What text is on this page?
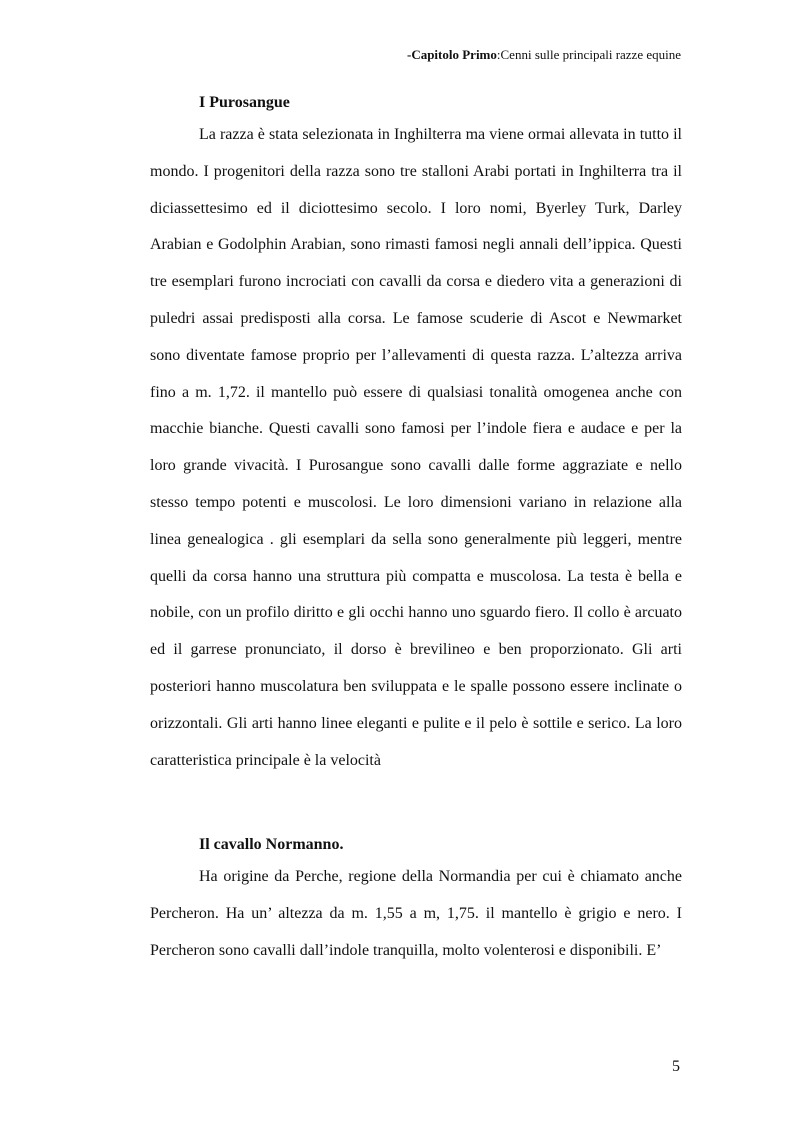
-Capitolo Primo:Cenni sulle principali razze equine
I Purosangue

La razza è stata selezionata in Inghilterra ma viene ormai allevata in tutto il mondo. I progenitori della razza sono tre stalloni Arabi portati in Inghilterra tra il diciassettesimo ed il diciottesimo secolo. I loro nomi, Byerley Turk, Darley Arabian e Godolphin Arabian, sono rimasti famosi negli annali dell’ippica. Questi tre esemplari furono incrociati con cavalli da corsa e diedero vita a generazioni di puledri assai predisposti alla corsa. Le famose scuderie di Ascot e Newmarket sono diventate famose proprio per l’allevamenti di questa razza. L’altezza arriva fino a m. 1,72. il mantello può essere di qualsiasi tonalità omogenea anche con macchie bianche. Questi cavalli sono famosi per l’indole fiera e audace e per la loro grande vivacità. I Purosangue sono cavalli dalle forme aggraziate e nello stesso tempo potenti e muscolosi. Le loro dimensioni variano in relazione alla linea genealogica . gli esemplari da sella sono generalmente più leggeri, mentre quelli da corsa hanno una struttura più compatta e muscolosa. La testa è bella e nobile, con un profilo diritto e gli occhi hanno uno sguardo fiero. Il collo è arcuato ed il garrese pronunciato, il dorso è brevilineo e ben proporzionato. Gli arti posteriori hanno muscolatura ben sviluppata e le spalle possono essere inclinate o orizzontali. Gli arti hanno linee eleganti e pulite e il pelo è sottile e serico. La loro caratteristica principale è la velocità

Il cavallo Normanno.

Ha origine da Perche, regione della Normandia per cui è chiamato anche Percheron. Ha un’ altezza da m. 1,55 a m, 1,75. il mantello è grigio e nero. I Percheron sono cavalli dall’indole tranquilla, molto volenterosi e disponibili. E’

5
